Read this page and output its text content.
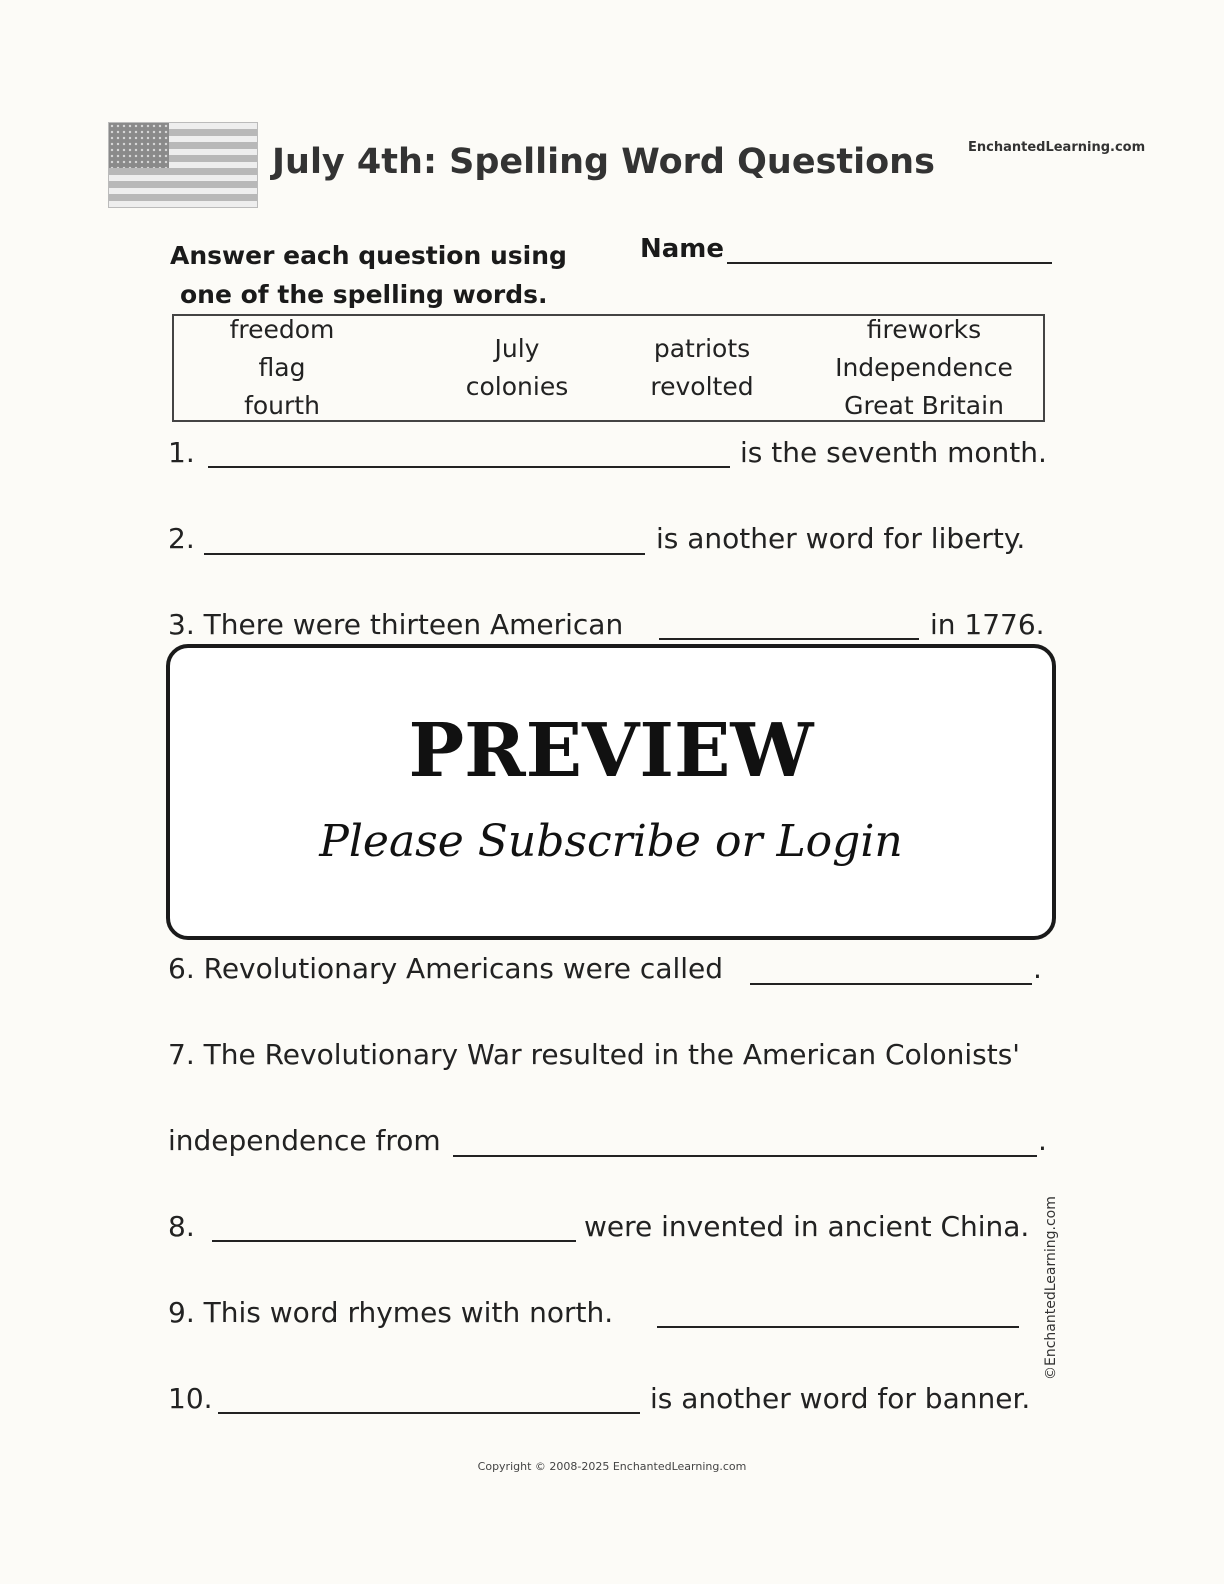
July 4th: Spelling Word Questions	EnchantedLearning.com
Answer each question using
one of the spelling words.
Name
freedom
flag
fourth
July
colonies
patriots
revolted
fireworks
Independence
Great Britain
1.	is the seventh month.
2.	is another word for liberty.
3. There were thirteen American	in 1776.
PREVIEW
Please Subscribe or Login
6. Revolutionary Americans were called	.
7. The Revolutionary War resulted in the American Colonists'
independence from	.
8.	were invented in ancient China.
9. This word rhymes with north.
10.	is another word for banner.
©EnchantedLearning.com
Copyright © 2008-2025 EnchantedLearning.com
